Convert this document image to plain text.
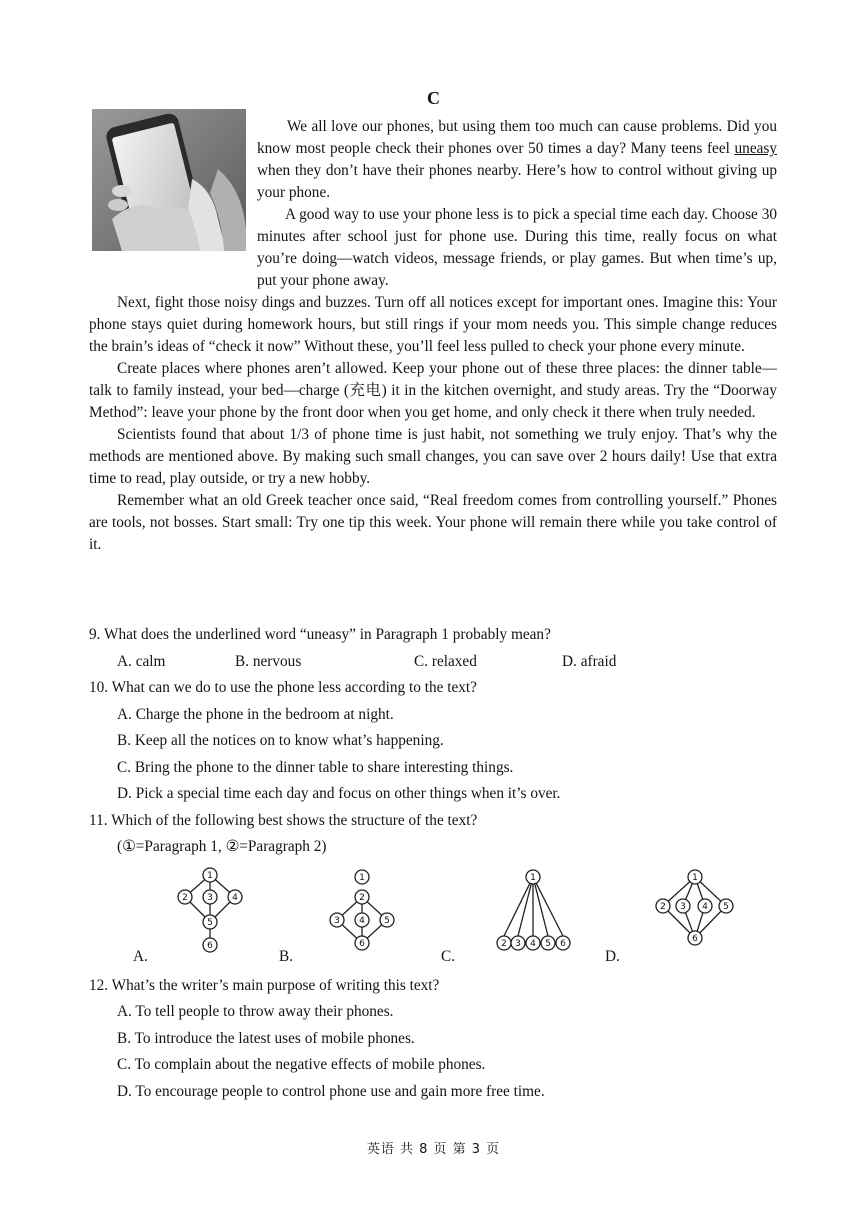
C

We all love our phones, but using them too much can cause problems. Did you know most people check their phones over 50 times a day? Many teens feel uneasy when they don’t have their phones nearby. Here’s how to control without giving up your phone.

A good way to use your phone less is to pick a special time each day. Choose 30 minutes after school just for phone use. During this time, really focus on what you’re doing—watch videos, message friends, or play games. But when time’s up, put your phone away.

Next, fight those noisy dings and buzzes. Turn off all notices except for important ones. Imagine this: Your phone stays quiet during homework hours, but still rings if your mom needs you. This simple change reduces the brain’s ideas of “check it now” Without these, you’ll feel less pulled to check your phone every minute.

Create places where phones aren’t allowed. Keep your phone out of these three places: the dinner table—talk to family instead, your bed—charge (充电) it in the kitchen overnight, and study areas. Try the “Doorway Method”: leave your phone by the front door when you get home, and only check it there when truly needed.

Scientists found that about 1/3 of phone time is just habit, not something we truly enjoy. That’s why the methods are mentioned above. By making such small changes, you can save over 2 hours daily! Use that extra time to read, play outside, or try a new hobby.

Remember what an old Greek teacher once said, “Real freedom comes from controlling yourself.” Phones are tools, not bosses. Start small: Try one tip this week. Your phone will remain there while you take control of it.

9. What does the underlined word “uneasy” in Paragraph 1 probably mean?

A. calm	B. nervous	C. relaxed	D. afraid

10. What can we do to use the phone less according to the text?

A. Charge the phone in the bedroom at night.

B. Keep all the notices on to know what’s happening.

C. Bring the phone to the dinner table to share interesting things.

D. Pick a special time each day and focus on other things when it’s over.

11. Which of the following best shows the structure of the text?

(①=Paragraph 1, ②=Paragraph 2)

A.
1
2 3 4
5
6
B.
1
2
3 4 5
6
C.
1
2 3 4 5 6
D.
1
2 3 4 5
6

12. What’s the writer’s main purpose of writing this text?

A. To tell people to throw away their phones.

B. To introduce the latest uses of mobile phones.

C. To complain about the negative effects of mobile phones.

D. To encourage people to control phone use and gain more free time.

英语 共 8 页 第 3 页
